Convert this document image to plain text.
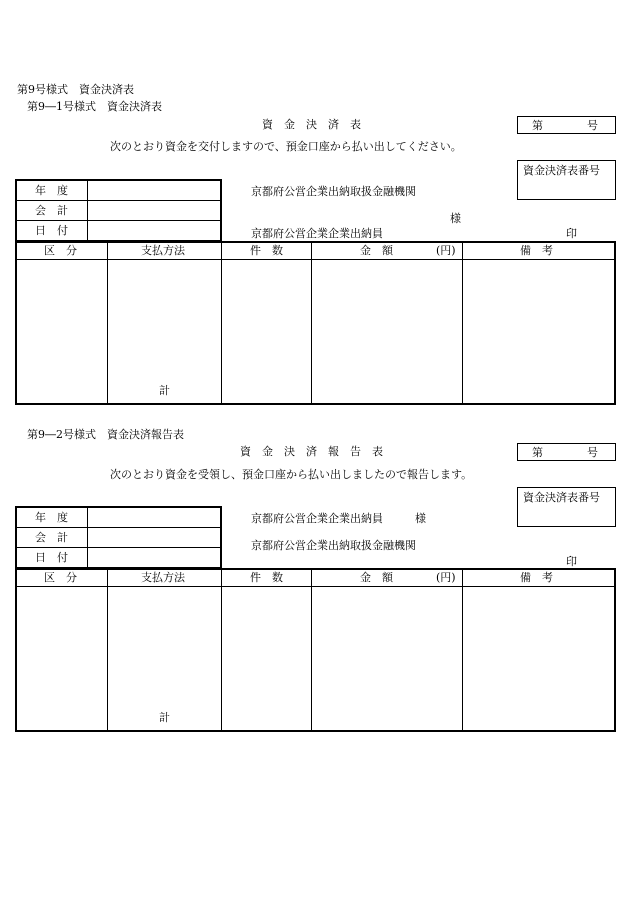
第9号様式　資金決済表
第9―1号様式　資金決済表
資　金　決　済　表	第　　　　号
次のとおり資金を交付しますので、預金口座から払い出してください。
資金決済表番号
年　度
会　計
日　付
京都府公営企業出納取扱金融機関
様
京都府公営企業企業出納員	印
区　分	支払方法	件　数	金　額	(円)	備　考
計
第9―2号様式　資金決済報告表
資　金　決　済　報　告　表	第　　　　号
次のとおり資金を受領し、預金口座から払い出しましたので報告します。
資金決済表番号
年　度
会　計
日　付
京都府公営企業企業出納員	様
京都府公営企業出納取扱金融機関
印
区　分	支払方法	件　数	金　額	(円)	備　考
計
